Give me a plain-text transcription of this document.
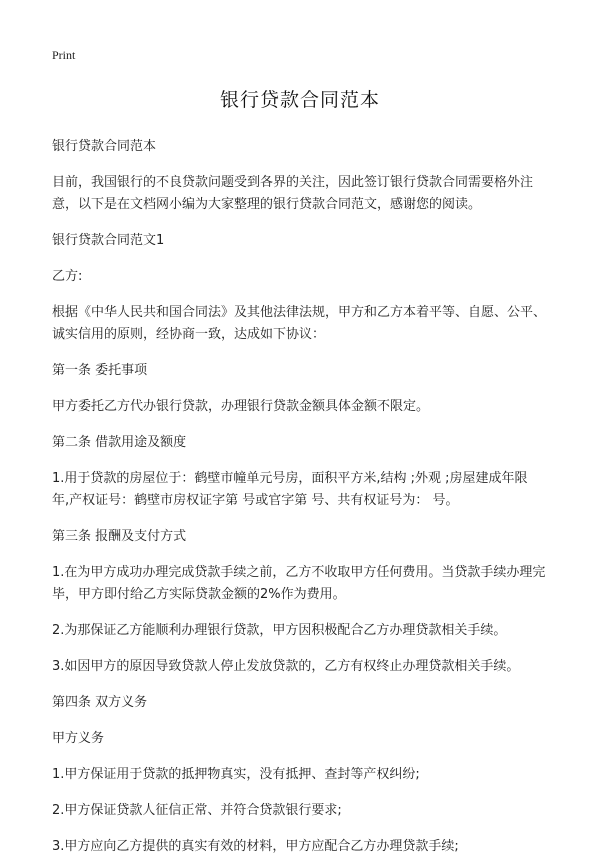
Print
银行贷款合同范本

银行贷款合同范本

目前，我国银行的不良贷款问题受到各界的关注，因此签订银行贷款合同需要格外注意，以下是在文档网小编为大家整理的银行贷款合同范文，感谢您的阅读。

银行贷款合同范文1

乙方:

根据《中华人民共和国合同法》及其他法律法规，甲方和乙方本着平等、自愿、公平、诚实信用的原则，经协商一致，达成如下协议：

第一条 委托事项

甲方委托乙方代办银行贷款，办理银行贷款金额具体金额不限定。

第二条 借款用途及额度

1.用于贷款的房屋位于：鹤壁市幢单元号房，面积平方米,结构 ;外观 ;房屋建成年限 年,产权证号：鹤壁市房权证字第 号或官字第 号、共有权证号为： 号。

第三条 报酬及支付方式

1.在为甲方成功办理完成贷款手续之前，乙方不收取甲方任何费用。当贷款手续办理完毕，甲方即付给乙方实际贷款金额的2%作为费用。

2.为那保证乙方能顺利办理银行贷款，甲方因积极配合乙方办理贷款相关手续。

3.如因甲方的原因导致贷款人停止发放贷款的，乙方有权终止办理贷款相关手续。

第四条 双方义务

甲方义务

1.甲方保证用于贷款的抵押物真实，没有抵押、查封等产权纠纷;

2.甲方保证贷款人征信正常、并符合贷款银行要求;

3.甲方应向乙方提供的真实有效的材料，甲方应配合乙方办理贷款手续;
